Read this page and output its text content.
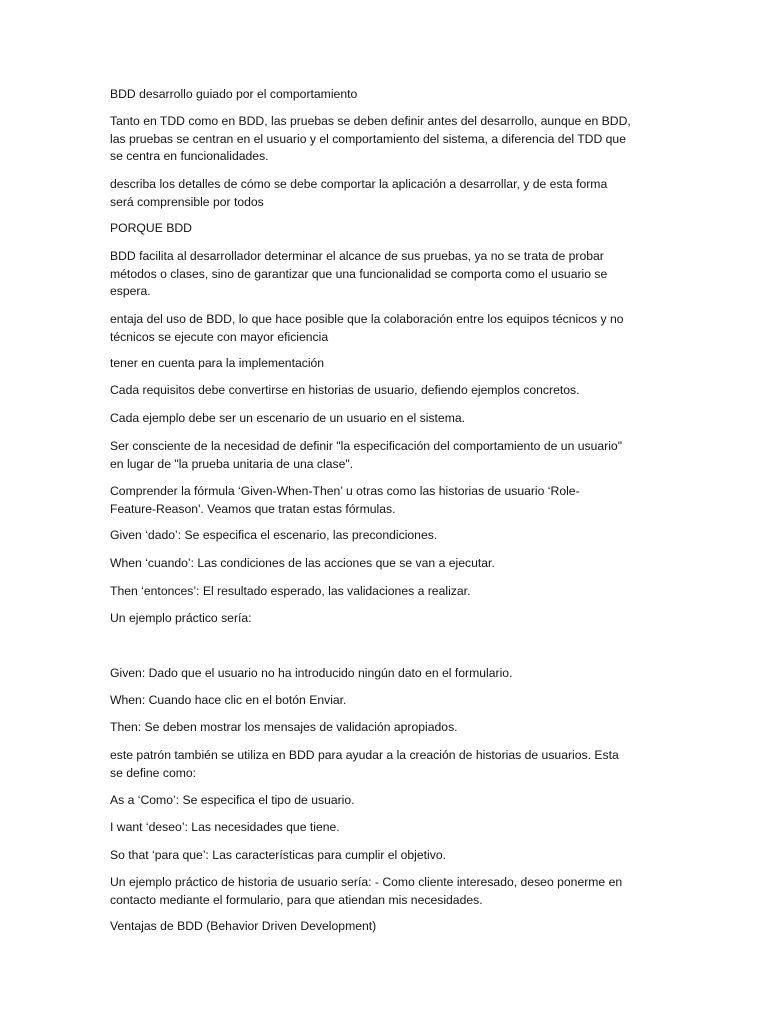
BDD desarrollo guiado por el comportamiento

Tanto en TDD como en BDD, las pruebas se deben definir antes del desarrollo, aunque en BDD,
las pruebas se centran en el usuario y el comportamiento del sistema, a diferencia del TDD que
se centra en funcionalidades.

describa los detalles de cómo se debe comportar la aplicación a desarrollar, y de esta forma
será comprensible por todos

PORQUE BDD

BDD facilita al desarrollador determinar el alcance de sus pruebas, ya no se trata de probar
métodos o clases, sino de garantizar que una funcionalidad se comporta como el usuario se
espera.

entaja del uso de BDD, lo que hace posible que la colaboración entre los equipos técnicos y no
técnicos se ejecute con mayor eficiencia

tener en cuenta para la implementación

Cada requisitos debe convertirse en historias de usuario, defiendo ejemplos concretos.

Cada ejemplo debe ser un escenario de un usuario en el sistema.

Ser consciente de la necesidad de definir "la especificación del comportamiento de un usuario"
en lugar de "la prueba unitaria de una clase".

Comprender la fórmula ‘Given-When-Then’ u otras como las historias de usuario ‘Role-
Feature-Reason'. Veamos que tratan estas fórmulas.

Given ‘dado’: Se especifica el escenario, las precondiciones.

When ‘cuando’: Las condiciones de las acciones que se van a ejecutar.

Then ‘entonces’: El resultado esperado, las validaciones a realizar.

Un ejemplo práctico sería:

Given: Dado que el usuario no ha introducido ningún dato en el formulario.

When: Cuando hace clic en el botón Enviar.

Then: Se deben mostrar los mensajes de validación apropiados.

este patrón también se utiliza en BDD para ayudar a la creación de historias de usuarios. Esta
se define como:

As a ‘Como’: Se especifica el tipo de usuario.

I want ‘deseo’: Las necesidades que tiene.

So that ‘para que’: Las características para cumplir el objetivo.

Un ejemplo práctico de historia de usuario sería: - Como cliente interesado, deseo ponerme en
contacto mediante el formulario, para que atiendan mis necesidades.

Ventajas de BDD (Behavior Driven Development)
